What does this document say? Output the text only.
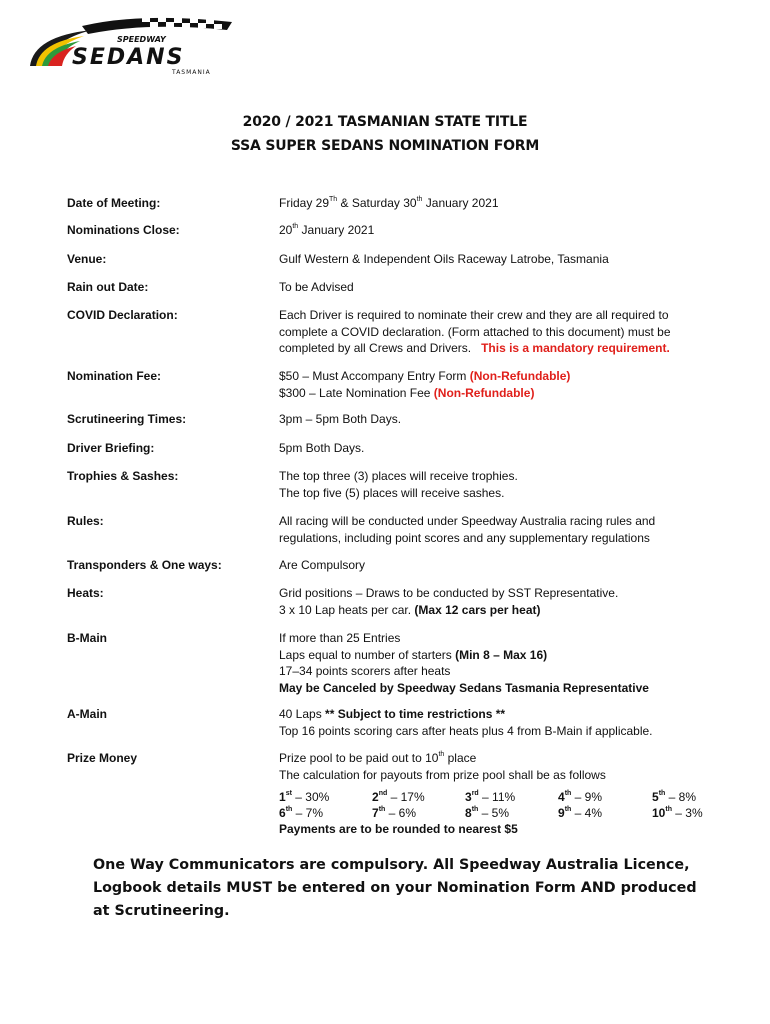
SPEEDWAY
SEDANS
TASMANIA
2020 / 2021 TASMANIAN STATE TITLE
SSA SUPER SEDANS NOMINATION FORM
Date of Meeting:	Friday 29Th & Saturday 30th January 2021
Nominations Close:	20th January 2021
Venue:	Gulf Western & Independent Oils Raceway Latrobe, Tasmania
Rain out Date:	To be Advised
COVID Declaration:	Each Driver is required to nominate their crew and they are all required to
complete a COVID declaration. (Form attached to this document) must be
completed by all Crews and Drivers.   This is a mandatory requirement.
Nomination Fee:	$50 – Must Accompany Entry Form (Non-Refundable)
$300 – Late Nomination Fee (Non-Refundable)
Scrutineering Times:	3pm – 5pm Both Days.
Driver Briefing:	5pm Both Days.
Trophies & Sashes:	The top three (3) places will receive trophies.
The top five (5) places will receive sashes.
Rules:	All racing will be conducted under Speedway Australia racing rules and
regulations, including point scores and any supplementary regulations
Transponders & One ways:	Are Compulsory
Heats:	Grid positions – Draws to be conducted by SST Representative.
3 x 10 Lap heats per car. (Max 12 cars per heat)
B-Main	If more than 25 Entries
Laps equal to number of starters (Min 8 – Max 16)
17–34 points scorers after heats
May be Canceled by Speedway Sedans Tasmania Representative
A-Main	40 Laps ** Subject to time restrictions **
Top 16 points scoring cars after heats plus 4 from B-Main if applicable.
Prize Money	Prize pool to be paid out to 10th place
The calculation for payouts from prize pool shall be as follows
1st – 30%	2nd – 17%	3rd – 11%	4th – 9%	5th – 8%
6th – 7%	7th – 6%	8th – 5%	9th – 4%	10th – 3%
Payments are to be rounded to nearest $5
One Way Communicators are compulsory. All Speedway Australia Licence, Logbook details MUST be entered on your Nomination Form AND produced at Scrutineering.
